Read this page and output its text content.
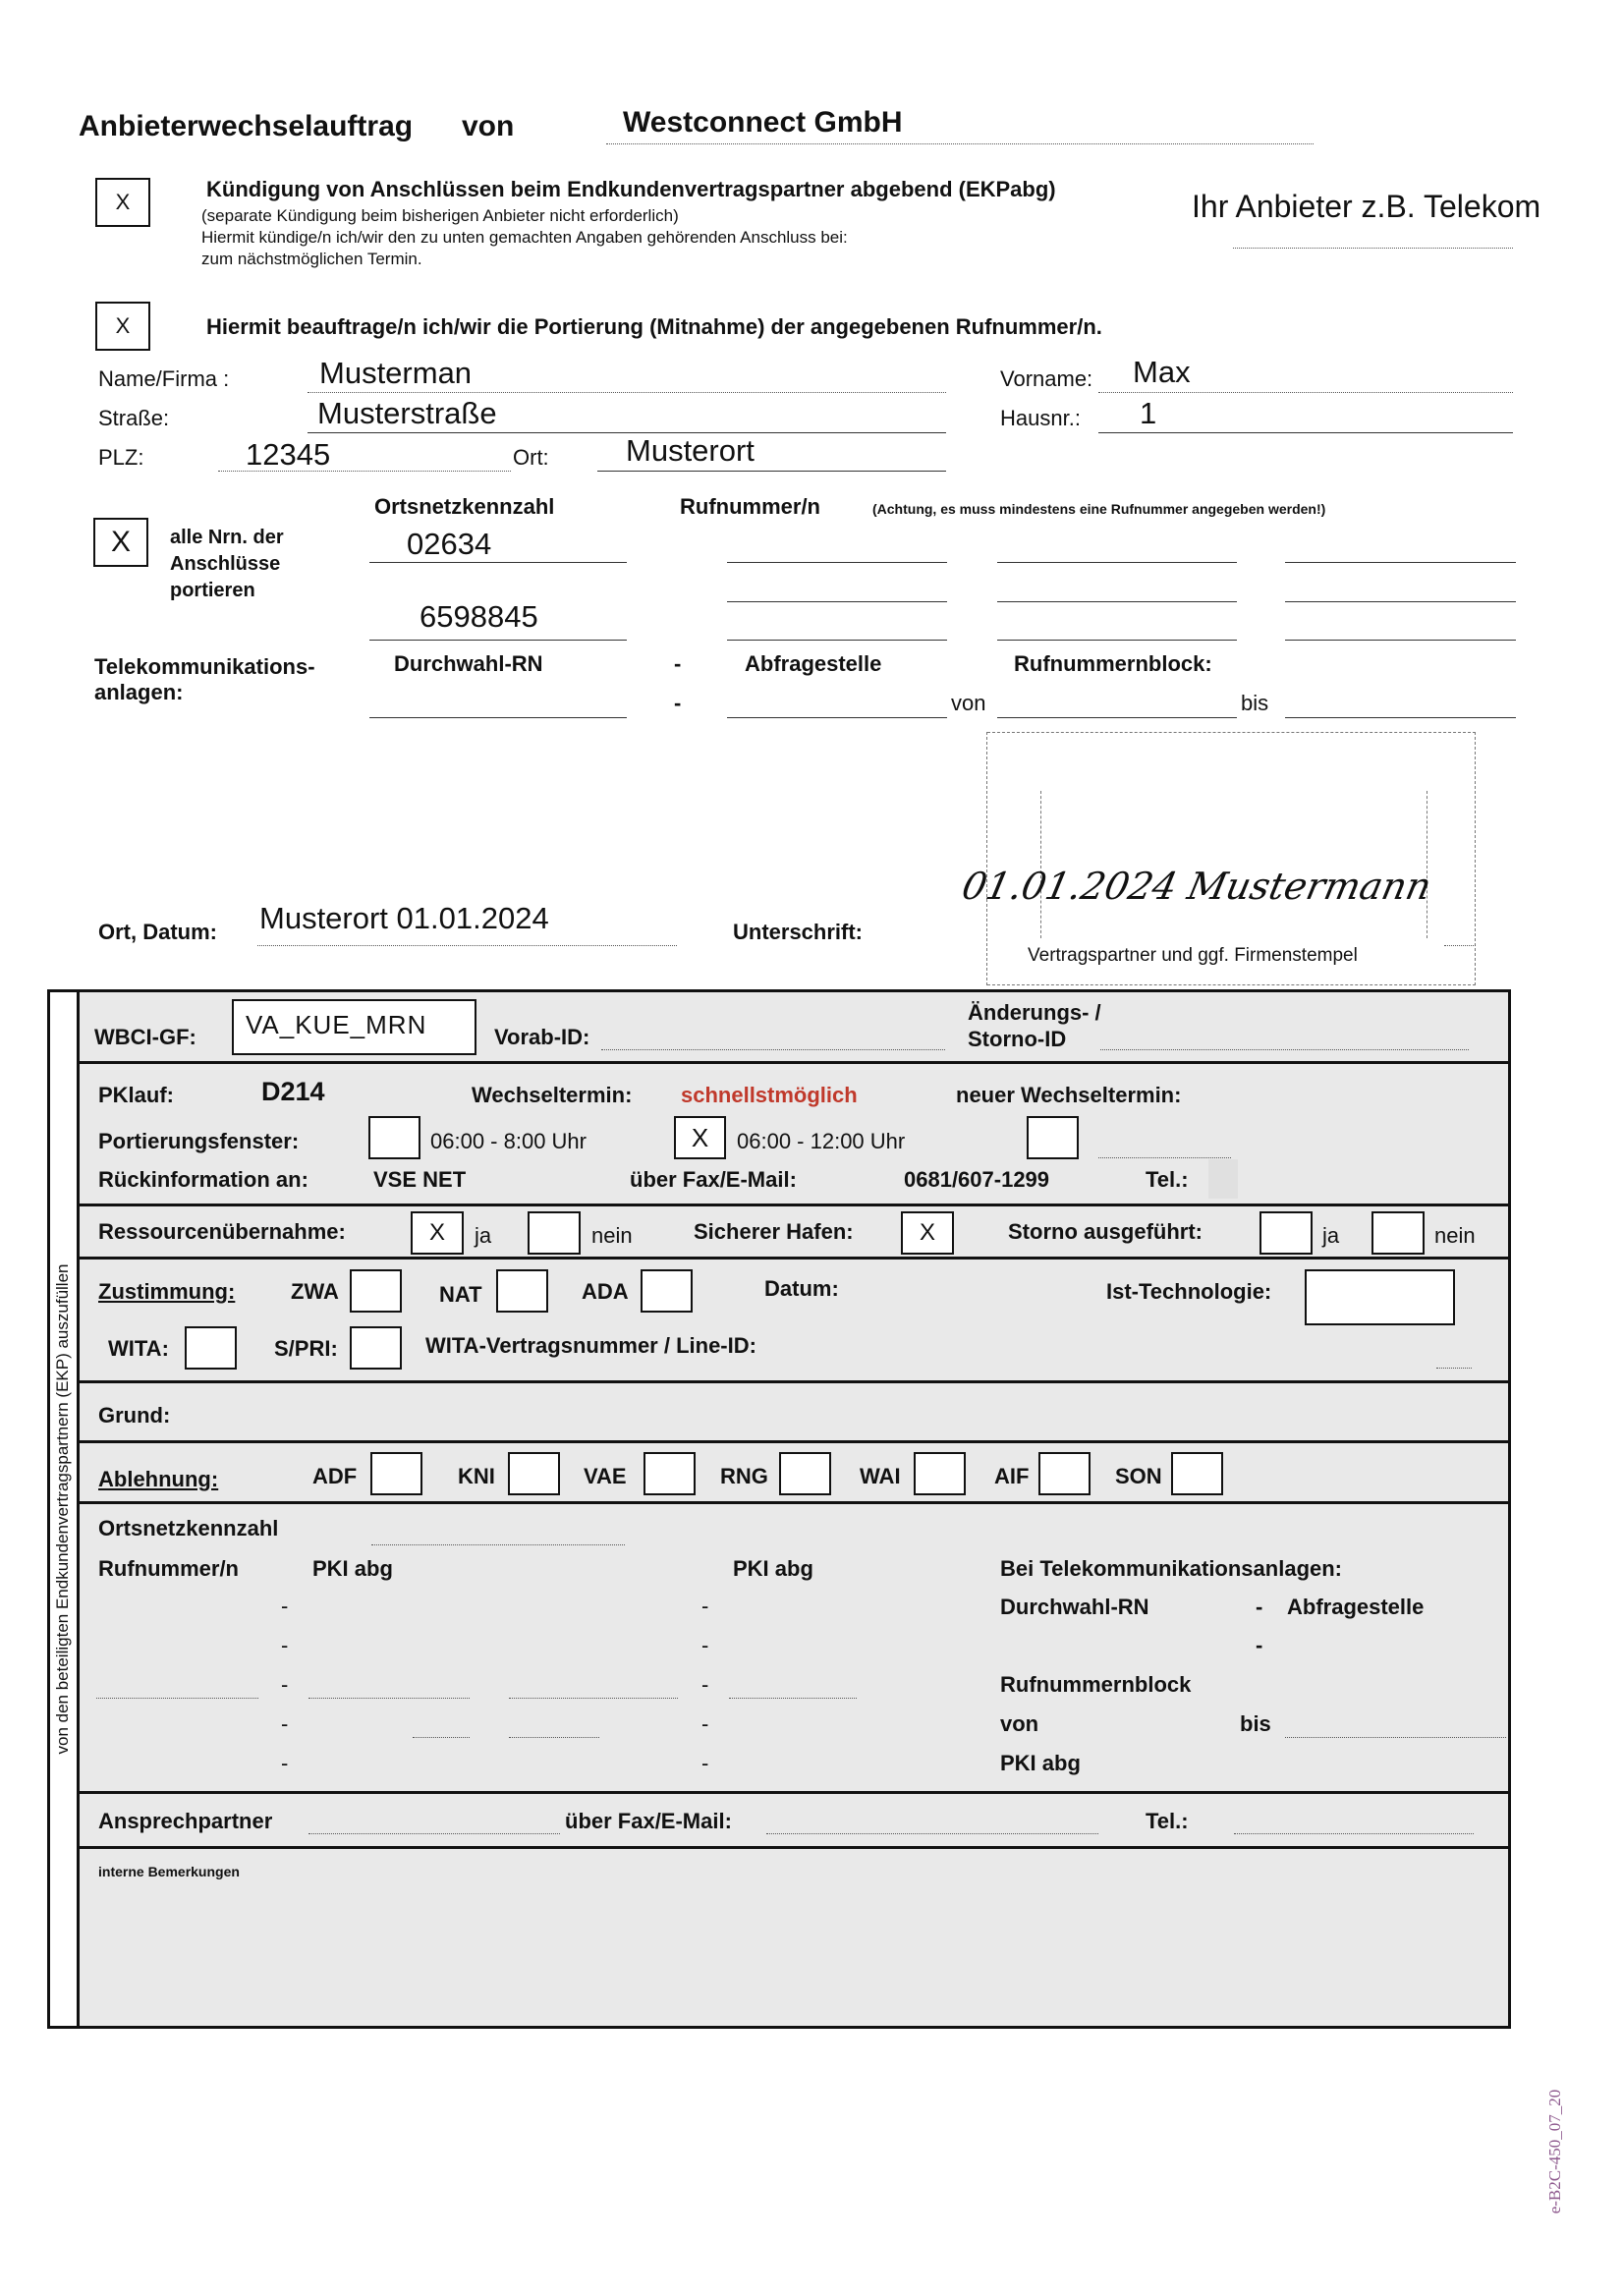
Anbieterwechselauftrag von	Westconnect GmbH
X
Kündigung von Anschlüssen beim Endkundenvertragspartner abgebend (EKPabg)
(separate Kündigung beim bisherigen Anbieter nicht erforderlich)
Hiermit kündige/n ich/wir den zu unten gemachten Angaben gehörenden Anschluss bei:
zum nächstmöglichen Termin.
Ihr Anbieter z.B. Telekom
X	Hiermit beauftrage/n ich/wir die Portierung (Mitnahme) der angegebenen Rufnummer/n.
Name/Firma :	Musterman	Vorname: Max
Straße:	Musterstraße	Hausnr.: 1
PLZ:	12345	Ort:	Musterort
X	alle Nrn. der
Anschlüsse
portieren
Ortsnetzkennzahl
02634
6598845
Rufnummer/n	(Achtung, es muss mindestens eine Rufnummer angegeben werden!)
Telekommunikations-
anlagen:
Durchwahl-RN	-	Abfragestelle	Rufnummernblock:
-	von	bis
Vertragspartner und ggf. Firmenstempel
Ort, Datum: Musterort 01.01.2024	Unterschrift:
01.01.2024 Mustermann
von den beteiligten Endkundenvertragspartnern (EKP) auszufüllen
WBCI-GF: VA_KUE_MRN	Vorab-ID:
Änderungs- /
Storno-ID
PKlauf:	D214	Wechseltermin: schnellstmöglich	neuer Wechseltermin:
Portierungsfenster:	06:00 - 8:00 Uhr	X	06:00 - 12:00 Uhr
Rückinformation an:	VSE NET	über Fax/E-Mail:	0681/607-1299	Tel.:
Ressourcenübernahme:	X	ja	nein	Sicherer Hafen:	X	Storno ausgeführt:	ja	nein
Zustimmung:	ZWA	NAT	ADA	Datum:	Ist-Technologie:
WITA:	S/PRI:	WITA-Vertragsnummer / Line-ID:
Grund:
Ablehnung:	ADF	KNI	VAE	RNG	WAI	AIF	SON
Ortsnetzkennzahl
Rufnummer/n	PKI abg	PKI abg
-	-
-	-
-	-
-	-
-	-
Bei Telekommunikationsanlagen:
Durchwahl-RN	- Abfragestelle
-
Rufnummernblock
von	bis
PKI abg
Ansprechpartner	über Fax/E-Mail:	Tel.:
interne Bemerkungen
e-B2C-450_07_20
